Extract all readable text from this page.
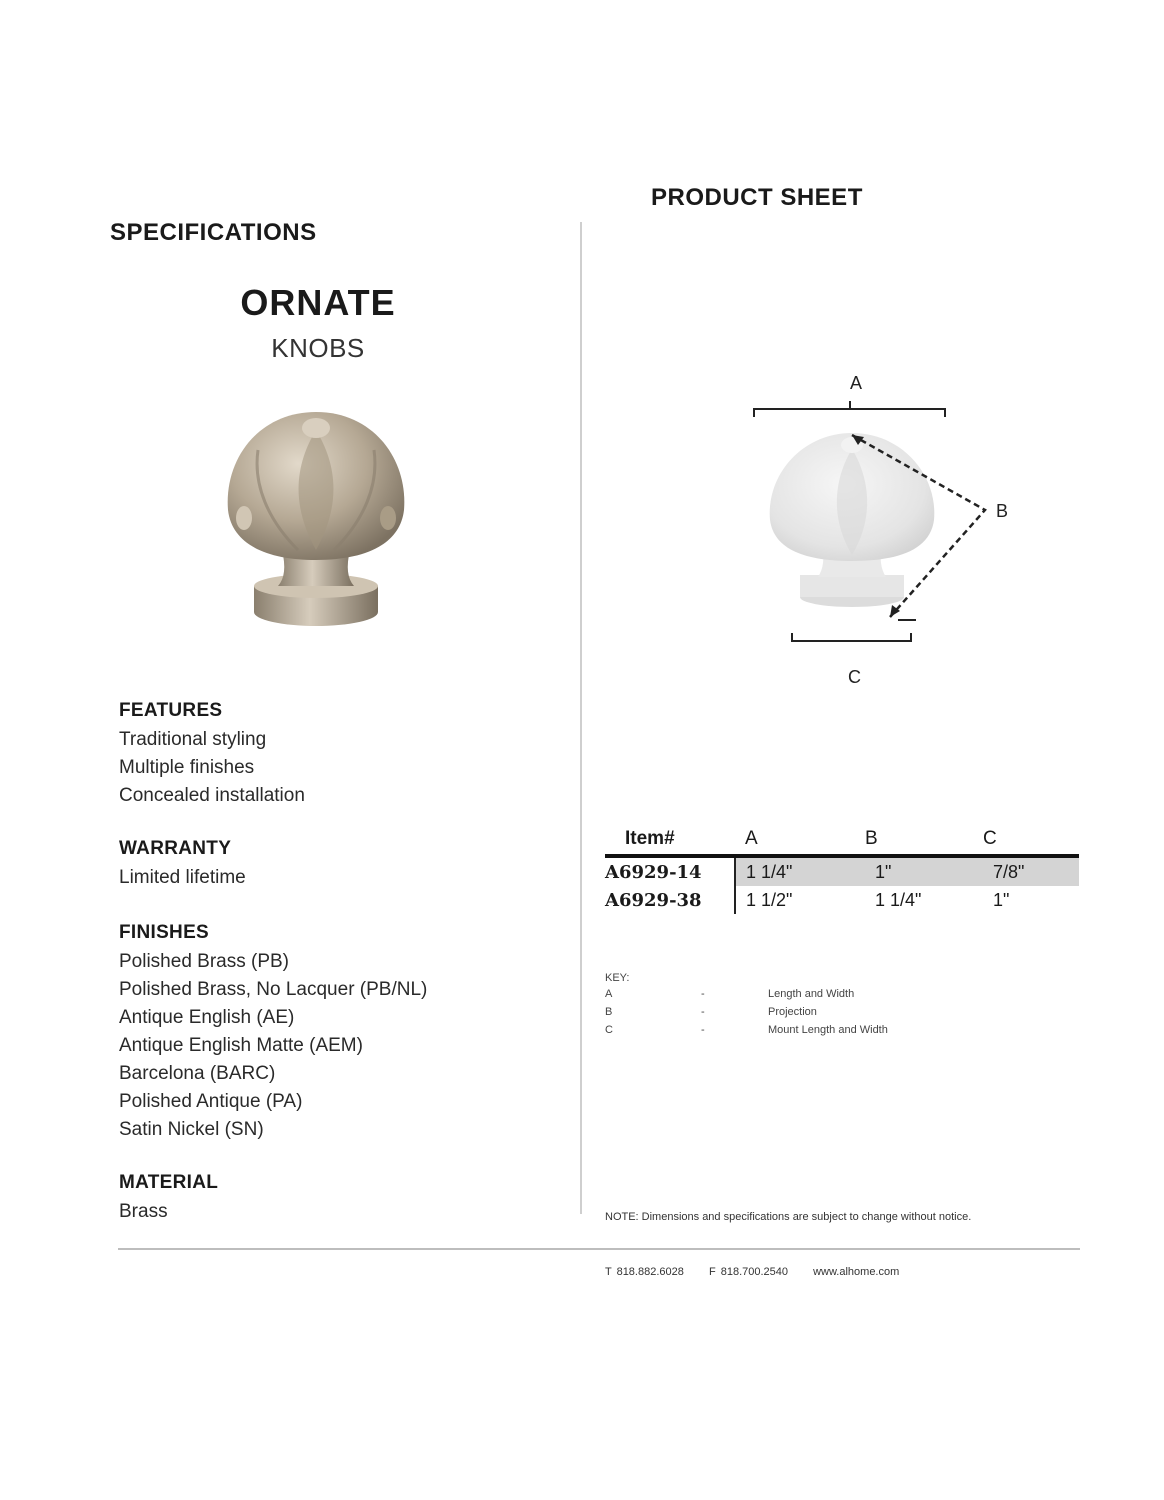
SPECIFICATIONS
PRODUCT SHEET
ORNATE
KNOBS
FEATURES
Traditional styling
Multiple finishes
Concealed installation
WARRANTY
Limited lifetime
FINISHES
Polished Brass (PB)
Polished Brass, No Lacquer (PB/NL)
Antique English (AE)
Antique English Matte (AEM)
Barcelona (BARC)
Polished Antique (PA)
Satin Nickel (SN)
MATERIAL
Brass
A
B
C
Item#	A	B	C
A6929-14	1 1/4"	1"	7/8"
A6929-38	1 1/2"	1 1/4"	1"
KEY:
A	-	Length and Width
B	-	Projection
C	-	Mount Length and Width
NOTE: Dimensions and specifications are subject to change without notice.
T 818.882.6028 F 818.700.2540 www.alhome.com
